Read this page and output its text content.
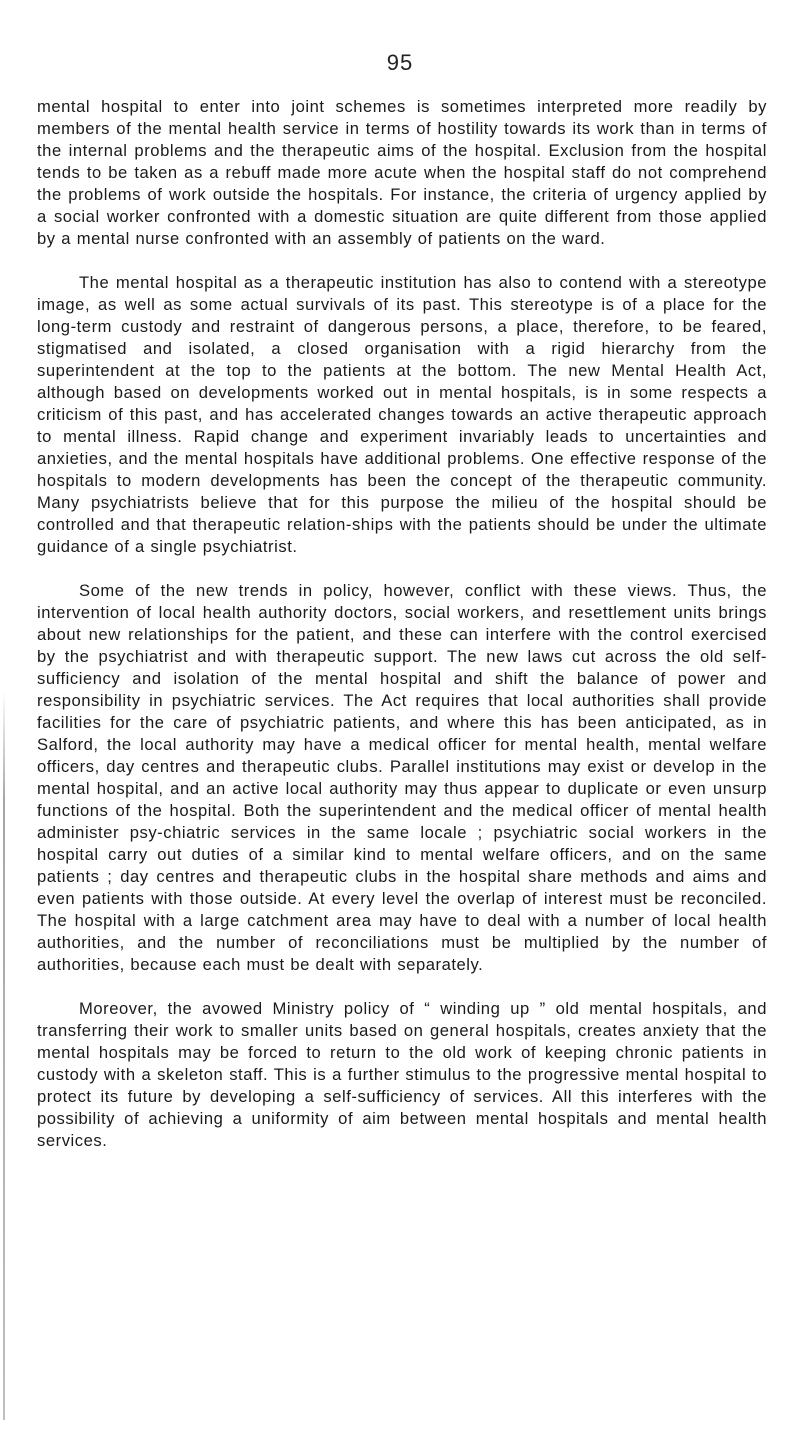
95

mental hospital to enter into joint schemes is sometimes interpreted more readily by members of the mental health service in terms of hostility towards its work than in terms of the internal problems and the therapeutic aims of the hospital. Exclusion from the hospital tends to be taken as a rebuff made more acute when the hospital staff do not comprehend the problems of work outside the hospitals. For instance, the criteria of urgency applied by a social worker confronted with a domestic situation are quite different from those applied by a mental nurse confronted with an assembly of patients on the ward.

The mental hospital as a therapeutic institution has also to contend with a stereotype image, as well as some actual survivals of its past. This stereotype is of a place for the long-term custody and restraint of dangerous persons, a place, therefore, to be feared, stigmatised and isolated, a closed organisation with a rigid hierarchy from the superintendent at the top to the patients at the bottom. The new Mental Health Act, although based on developments worked out in mental hospitals, is in some respects a criticism of this past, and has accelerated changes towards an active therapeutic approach to mental illness. Rapid change and experiment invariably leads to uncertainties and anxieties, and the mental hospitals have additional problems. One effective response of the hospitals to modern developments has been the concept of the therapeutic community. Many psychiatrists believe that for this purpose the milieu of the hospital should be controlled and that therapeutic relation-ships with the patients should be under the ultimate guidance of a single psychiatrist.

Some of the new trends in policy, however, conflict with these views. Thus, the intervention of local health authority doctors, social workers, and resettlement units brings about new relationships for the patient, and these can interfere with the control exercised by the psychiatrist and with therapeutic support. The new laws cut across the old self-sufficiency and isolation of the mental hospital and shift the balance of power and responsibility in psychiatric services. The Act requires that local authorities shall provide facilities for the care of psychiatric patients, and where this has been anticipated, as in Salford, the local authority may have a medical officer for mental health, mental welfare officers, day centres and therapeutic clubs. Parallel institutions may exist or develop in the mental hospital, and an active local authority may thus appear to duplicate or even unsurp functions of the hospital. Both the superintendent and the medical officer of mental health administer psy-chiatric services in the same locale ; psychiatric social workers in the hospital carry out duties of a similar kind to mental welfare officers, and on the same patients ; day centres and therapeutic clubs in the hospital share methods and aims and even patients with those outside. At every level the overlap of interest must be reconciled. The hospital with a large catchment area may have to deal with a number of local health authorities, and the number of reconciliations must be multiplied by the number of authorities, because each must be dealt with separately.

Moreover, the avowed Ministry policy of “ winding up ” old mental hospitals, and transferring their work to smaller units based on general hospitals, creates anxiety that the mental hospitals may be forced to return to the old work of keeping chronic patients in custody with a skeleton staff. This is a further stimulus to the progressive mental hospital to protect its future by developing a self-sufficiency of services. All this interferes with the possibility of achieving a uniformity of aim between mental hospitals and mental health services.
